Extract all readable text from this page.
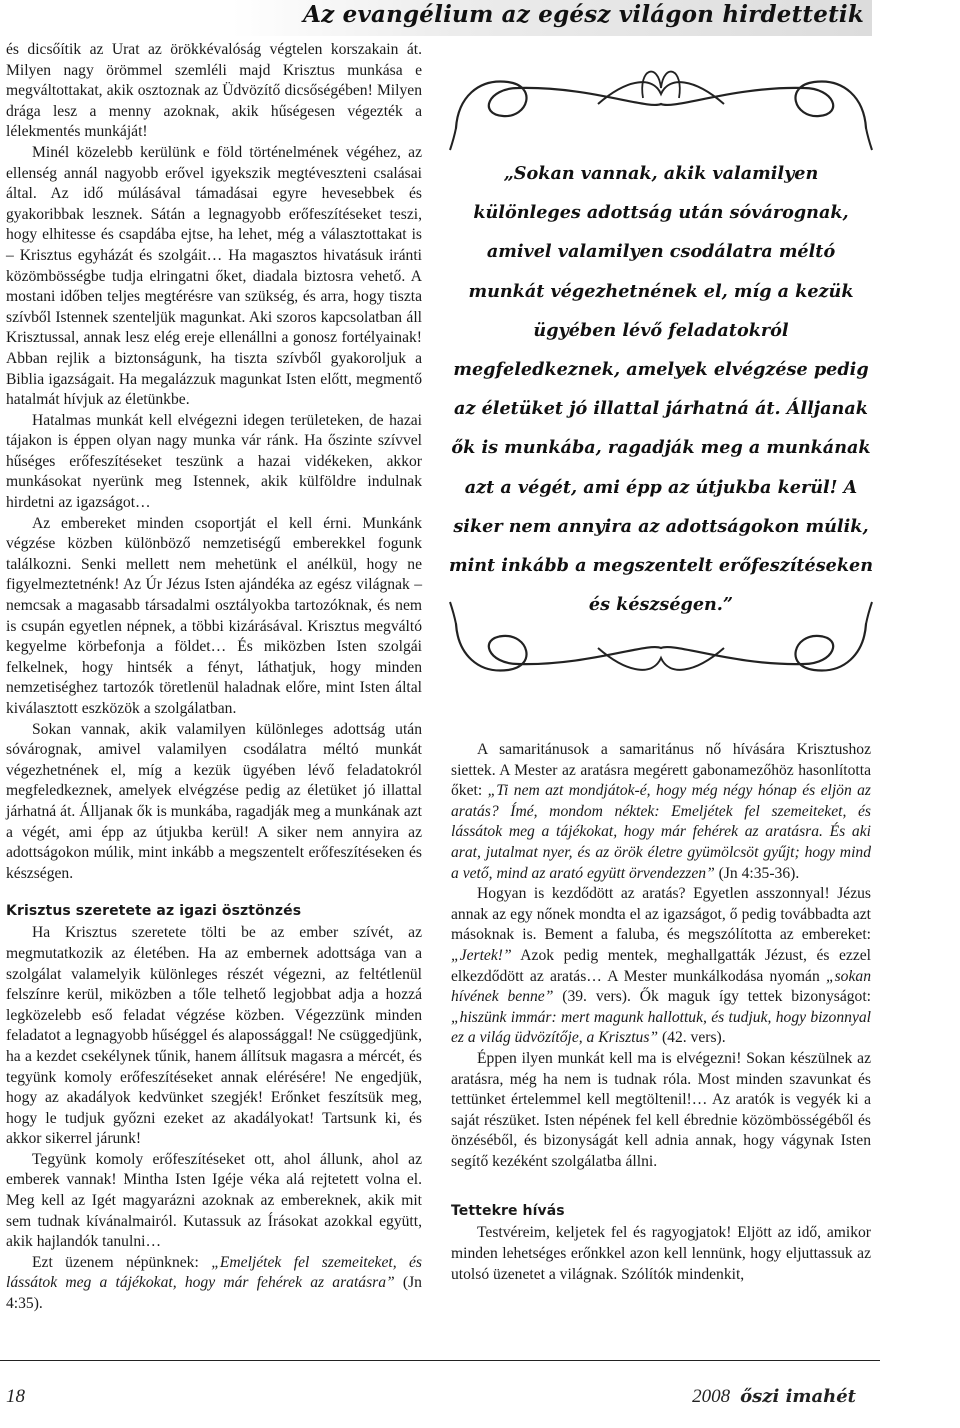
Az evangélium az egész világon hirdettetik

és dicsőítik az Urat az örökkévalóság végtelen korszakain át. Milyen nagy örömmel szemléli majd Krisztus munkása e megváltottakat, akik osztoznak az Üdvözítő dicsőségében! Milyen drága lesz a menny azoknak, akik hűségesen végezték a lélekmentés munkáját!

Minél közelebb kerülünk e föld történelmének végéhez, az ellenség annál nagyobb erővel igyekszik megtéveszteni csalásai által. Az idő múlásával támadásai egyre hevesebbek és gyakoribbak lesznek. Sátán a legnagyobb erőfeszítéseket teszi, hogy elhitesse és csapdába ejtse, ha lehet, még a választottakat is – Krisztus egyházát és szolgáit… Ha magasztos hivatásuk iránti közömbösségbe tudja elringatni őket, diadala biztosra vehető. A mostani időben teljes megtérésre van szükség, és arra, hogy tiszta szívből Istennek szenteljük magunkat. Aki szoros kapcsolatban áll Krisztussal, annak lesz elég ereje ellenállni a gonosz fortélyainak! Abban rejlik a biztonságunk, ha tiszta szívből gyakoroljuk a Biblia igazságait. Ha megalázzuk magunkat Isten előtt, megmentő hatalmát hívjuk az életünkbe.

Hatalmas munkát kell elvégezni idegen területeken, de hazai tájakon is éppen olyan nagy munka vár ránk. Ha őszinte szívvel hűséges erőfeszítéseket teszünk a hazai vidékeken, akkor munkásokat nyerünk meg Istennek, akik külföldre indulnak hirdetni az igazságot…

Az embereket minden csoportját el kell érni. Munkánk végzése közben különböző nemzetiségű emberekkel fogunk találkozni. Senki mellett nem mehetünk el anélkül, hogy ne figyelmeztetnénk! Az Úr Jézus Isten ajándéka az egész világnak – nemcsak a magasabb társadalmi osztályokba tartozóknak, és nem is csupán egyetlen népnek, a többi kizárásával. Krisztus megváltó kegyelme körbefonja a földet… És miközben Isten szolgái felkelnek, hogy hintsék a fényt, láthatjuk, hogy minden nemzetiséghez tartozók töretlenül haladnak előre, mint Isten által kiválasztott eszközök a szolgálatban.

Sokan vannak, akik valamilyen különleges adottság után sóvárognak, amivel valamilyen csodálatra méltó munkát végezhetnének el, míg a kezük ügyében lévő feladatokról megfeledkeznek, amelyek elvégzése pedig az életüket jó illattal járhatná át. Álljanak ők is munkába, ragadják meg a munkának azt a végét, ami épp az útjukba kerül! A siker nem annyira az adottságokon múlik, mint inkább a megszentelt erőfeszítéseken és készségen.

Krisztus szeretete az igazi ösztönzés

Ha Krisztus szeretete tölti be az ember szívét, az megmutatkozik az életében. Ha az embernek adottsága van a szolgálat valamelyik különleges részét végezni, az feltétlenül felszínre kerül, miközben a tőle telhető legjobbat adja a hozzá legközelebb eső feladat végzése közben. Végezzünk minden feladatot a legnagyobb hűséggel és alapossággal! Ne csüggedjünk, ha a kezdet csekélynek tűnik, hanem állítsuk magasra a mércét, és tegyünk komoly erőfeszítéseket annak elérésére! Ne engedjük, hogy az akadályok kedvünket szegjék! Erőnket feszítsük meg, hogy le tudjuk győzni ezeket az akadályokat! Tartsunk ki, és akkor sikerrel járunk!

Tegyünk komoly erőfeszítéseket ott, ahol állunk, ahol az emberek vannak! Mintha Isten Igéje véka alá rejtetett volna el. Meg kell az Igét magyarázni azoknak az embereknek, akik mit sem tudnak kívánalmairól. Kutassuk az Írásokat azokkal együtt, akik hajlandók tanulni…

Ezt üzenem népünknek: „Emeljétek fel szemeiteket, és lássátok meg a tájékokat, hogy már fehérek az aratásra” (Jn 4:35).

„Sokan vannak, akik valamilyen különleges adottság után sóvárognak, amivel valamilyen csodálatra méltó munkát végezhetnének el, míg a kezük ügyében lévő feladatokról megfeledkeznek, amelyek elvégzése pedig az életüket jó illattal járhatná át. Álljanak ők is munkába, ragadják meg a munkának azt a végét, ami épp az útjukba kerül! A siker nem annyira az adottságokon múlik, mint inkább a megszentelt erőfeszítéseken és készségen.”

A samaritánusok a samaritánus nő hívására Krisztushoz siettek. A Mester az aratásra megérett gabonamezőhöz hasonlította őket: „Ti nem azt mondjátok-é, hogy még négy hónap és eljön az aratás? Ímé, mondom néktek: Emeljétek fel szemeiteket, és lássátok meg a tájékokat, hogy már fehérek az aratásra. És aki arat, jutalmat nyer, és az örök életre gyümölcsöt gyűjt; hogy mind a vető, mind az arató együtt örvendezzen” (Jn 4:35-36).

Hogyan is kezdődött az aratás? Egyetlen asszonnyal! Jézus annak az egy nőnek mondta el az igazságot, ő pedig továbbadta azt másoknak is. Bement a faluba, és megszólította az embereket: „Jertek!” Azok pedig mentek, meghallgatták Jézust, és ezzel elkezdődött az aratás… A Mester munkálkodása nyomán „sokan hívének benne” (39. vers). Ők maguk így tettek bizonyságot: „hiszünk immár: mert magunk hallottuk, és tudjuk, hogy bizonnyal ez a világ üdvözítője, a Krisztus” (42. vers).

Éppen ilyen munkát kell ma is elvégezni! Sokan készülnek az aratásra, még ha nem is tudnak róla. Most minden szavunkat és tettünket értelemmel kell megtöltenil!… Az aratók is vegyék ki a saját részüket. Isten népének fel kell ébrednie közömbösségéből és önzéséből, és bizonyságát kell adnia annak, hogy vágynak Isten segítő kezéként szolgálatba állni.

Tettekre hívás

Testvéreim, keljetek fel és ragyogjatok! Eljött az idő, amikor minden lehetséges erőnkkel azon kell lennünk, hogy eljuttassuk az utolsó üzenetet a világnak. Szólítók mindenkit,

18	2008 őszi imahét
